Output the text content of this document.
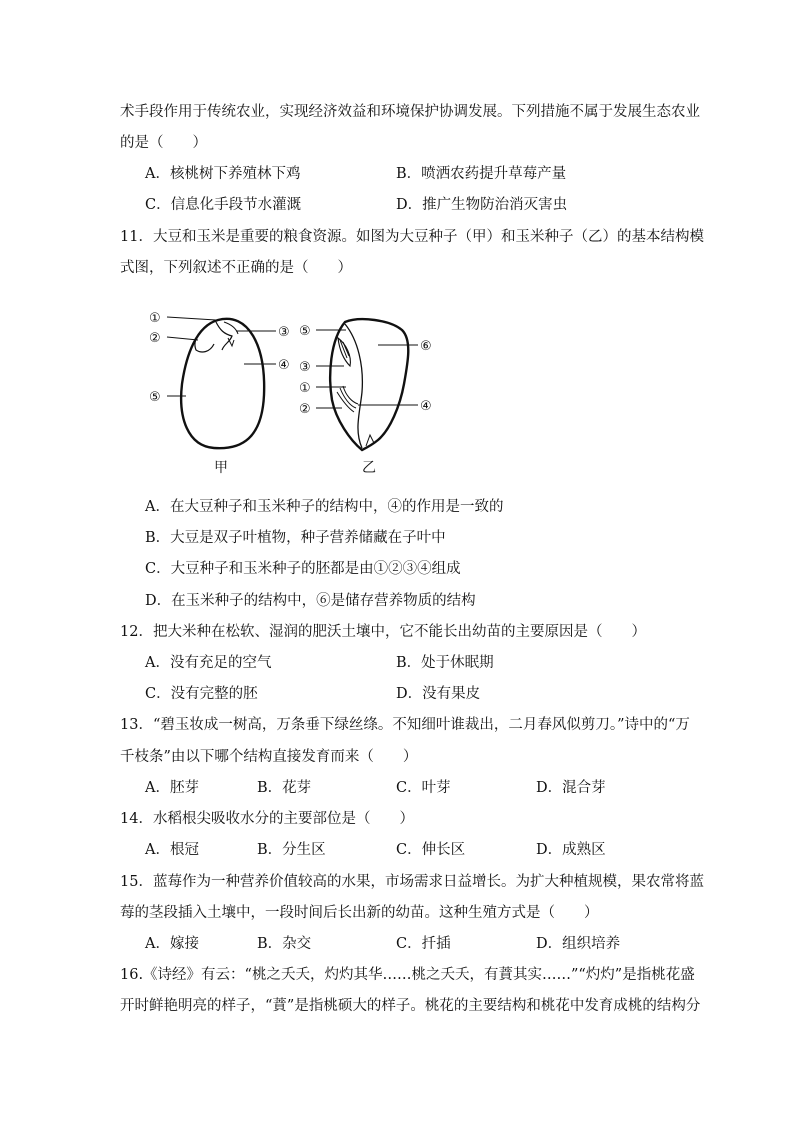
术手段作用于传统农业，实现经济效益和环境保护协调发展。下列措施不属于发展生态农业
的是（　　）
A．核桃树下养殖林下鸡	B．喷洒农药提升草莓产量
C．信息化手段节水灌溉	D．推广生物防治消灭害虫
11．大豆和玉米是重要的粮食资源。如图为大豆种子（甲）和玉米种子（乙）的基本结构模
式图，下列叙述不正确的是（　　）
①
②	③
④
⑤
甲
⑤
⑥
③
①
②	④
乙
A．在大豆种子和玉米种子的结构中，④的作用是一致的
B．大豆是双子叶植物，种子营养储藏在子叶中
C．大豆种子和玉米种子的胚都是由①②③④组成
D．在玉米种子的结构中，⑥是储存营养物质的结构
12．把大米种在松软、湿润的肥沃土壤中，它不能长出幼苗的主要原因是（　　）
A．没有充足的空气	B．处于休眠期
C．没有完整的胚	D．没有果皮
13．“碧玉妆成一树高，万条垂下绿丝绦。不知细叶谁裁出，二月春风似剪刀。”诗中的“万
千枝条”由以下哪个结构直接发育而来（　　）
A．胚芽	B．花芽	C．叶芽	D．混合芽
14．水稻根尖吸收水分的主要部位是（　　）
A．根冠	B．分生区	C．伸长区	D．成熟区
15．蓝莓作为一种营养价值较高的水果，市场需求日益增长。为扩大种植规模，果农常将蓝
莓的茎段插入土壤中，一段时间后长出新的幼苗。这种生殖方式是（　　）
A．嫁接	B．杂交	C．扦插	D．组织培养
16.《诗经》有云：“桃之夭夭，灼灼其华……桃之夭夭，有蕡其实……”“灼灼”是指桃花盛
开时鲜艳明亮的样子，“蕡”是指桃硕大的样子。桃花的主要结构和桃花中发育成桃的结构分
